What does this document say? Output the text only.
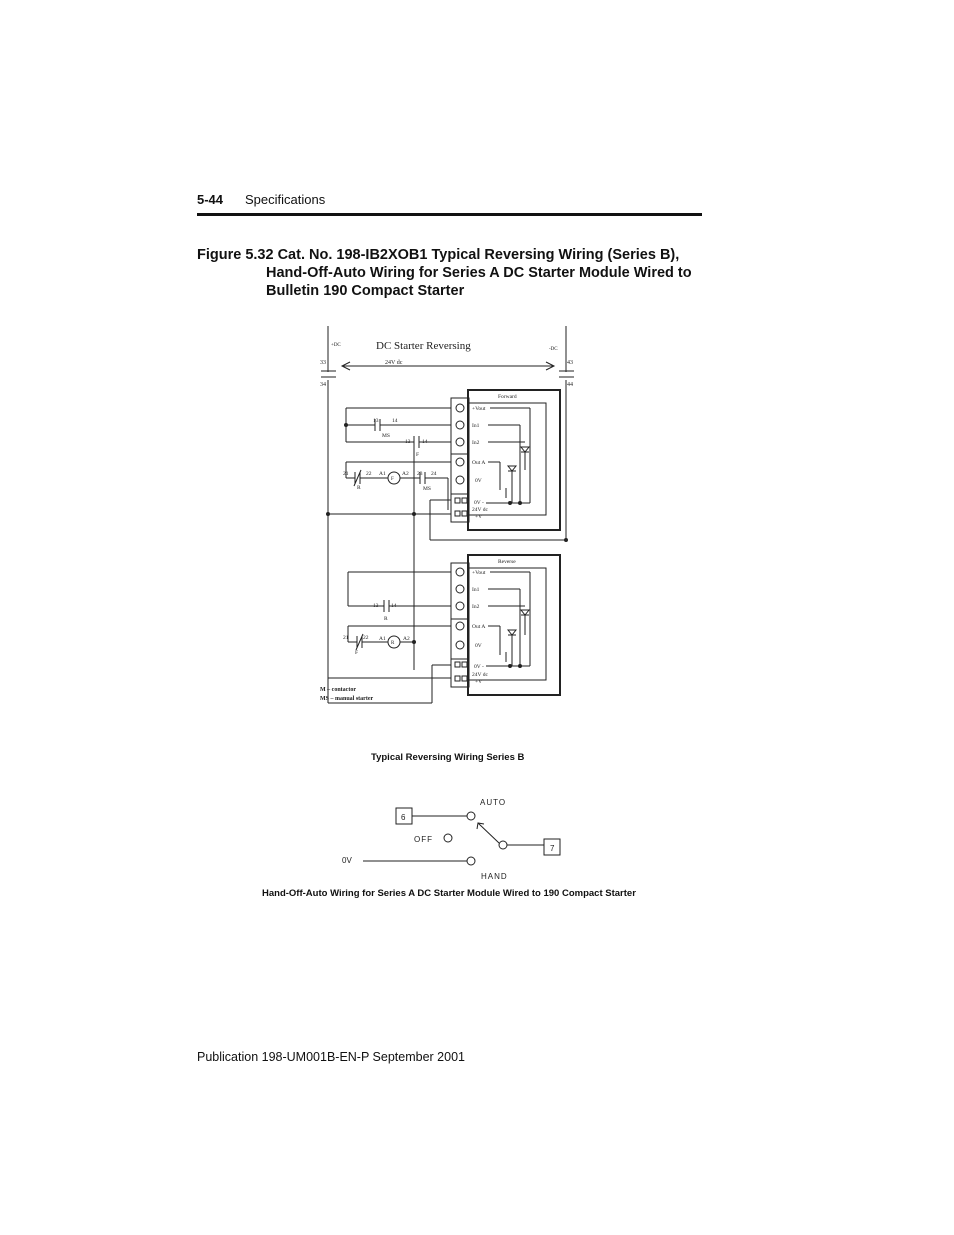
5-44 Specifications
Figure 5.32 Cat. No. 198-IB2XOB1 Typical Reversing Wiring (Series B),
Hand-Off-Auto Wiring for Series A DC Starter Module Wired to
Bulletin 190 Compact Starter
DC Starter Reversing
+DC
-DC
33
34
43
44
24V dc
Forward
+Vout
In1
In2
Out A
0V
0V -
24V dc
+V
Reverse
+Vout
In1
In2
Out A
0V
0V -
24V dc
+V
13 14
MS
13 14
F
21	22
R
F
A1	A2 23 24
MS
13 14
R
21	22
F
A1
R
A2
M – contactor
MS – manual starter
Typical Reversing Wiring Series B
6
7
AUTO
OFF
HAND
0V
Hand-Off-Auto Wiring for Series A DC Starter Module Wired to 190 Compact Starter
Publication 198-UM001B-EN-P September 2001
